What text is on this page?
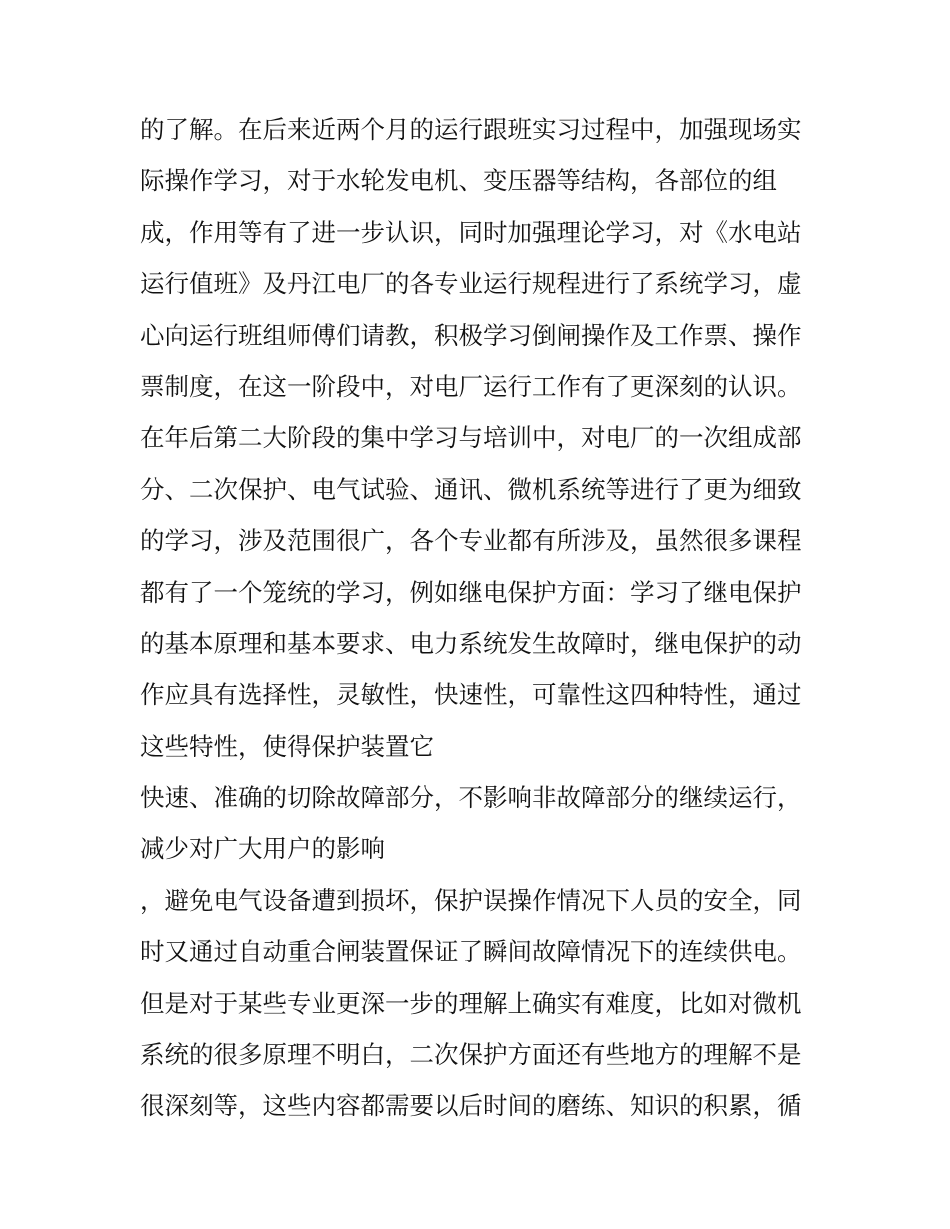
的了解。在后来近两个月的运行跟班实习过程中，加强现场实
际操作学习，对于水轮发电机、变压器等结构，各部位的组
成，作用等有了进一步认识，同时加强理论学习，对《水电站
运行值班》及丹江电厂的各专业运行规程进行了系统学习，虚
心向运行班组师傅们请教，积极学习倒闸操作及工作票、操作
票制度，在这一阶段中，对电厂运行工作有了更深刻的认识。
在年后第二大阶段的集中学习与培训中，对电厂的一次组成部
分、二次保护、电气试验、通讯、微机系统等进行了更为细致
的学习，涉及范围很广，各个专业都有所涉及，虽然很多课程
都有了一个笼统的学习，例如继电保护方面：学习了继电保护
的基本原理和基本要求、电力系统发生故障时，继电保护的动
作应具有选择性，灵敏性，快速性，可靠性这四种特性，通过
这些特性，使得保护装置它
快速、准确的切除故障部分，不影响非故障部分的继续运行，
减少对广大用户的影响
，避免电气设备遭到损坏，保护误操作情况下人员的安全，同
时又通过自动重合闸装置保证了瞬间故障情况下的连续供电。
但是对于某些专业更深一步的理解上确实有难度，比如对微机
系统的很多原理不明白，二次保护方面还有些地方的理解不是
很深刻等，这些内容都需要以后时间的磨练、知识的积累，循
